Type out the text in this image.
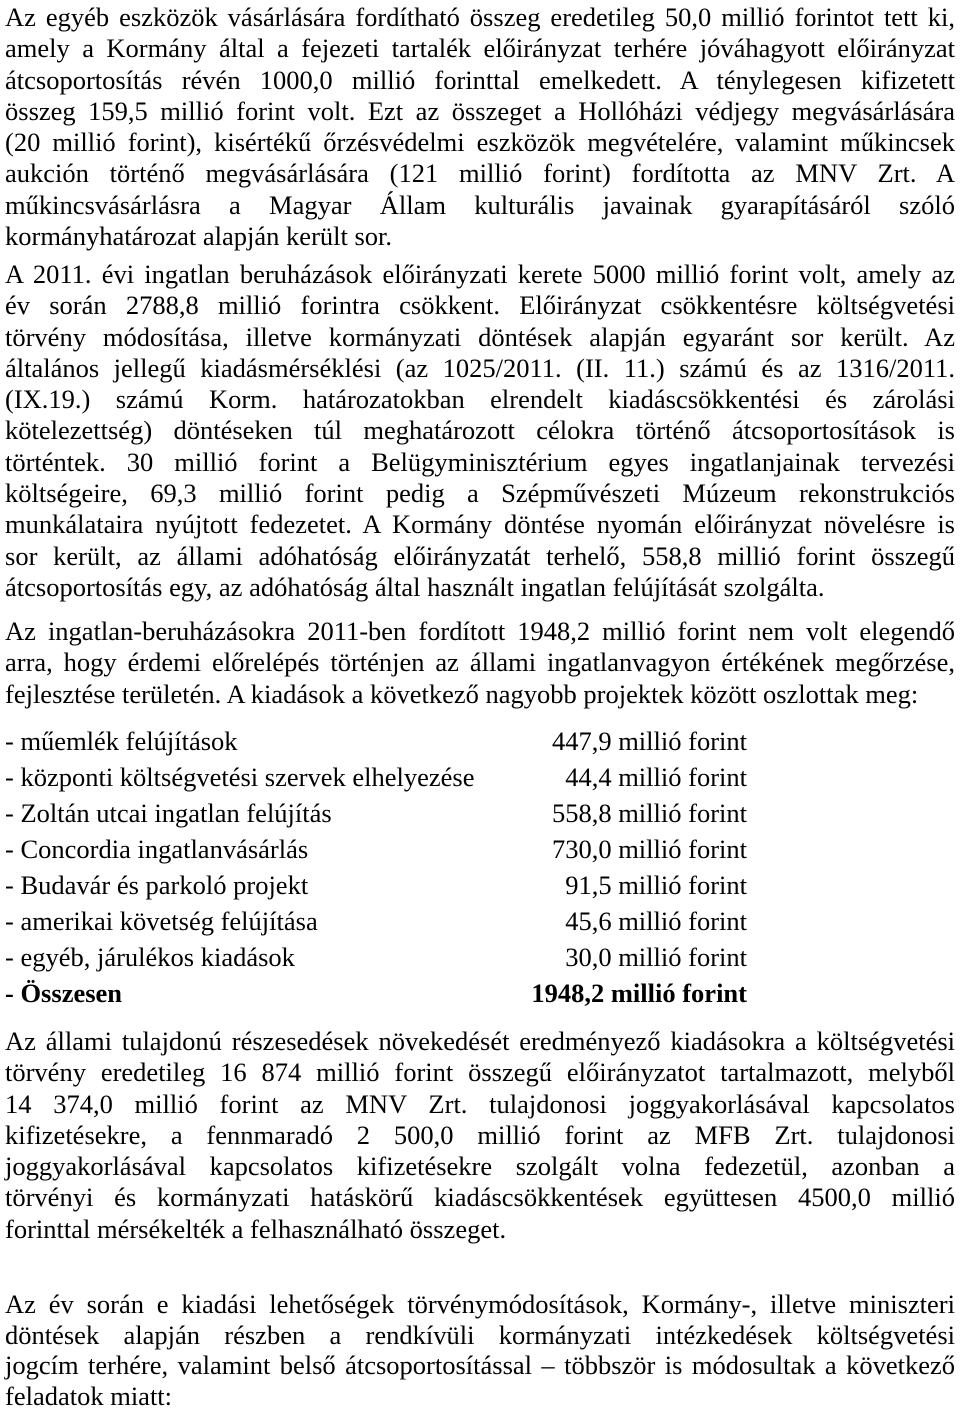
Az egyéb eszközök vásárlására fordítható összeg eredetileg 50,0 millió forintot tett ki,
amely a Kormány által a fejezeti tartalék előirányzat terhére jóváhagyott előirányzat
átcsoportosítás révén 1000,0 millió forinttal emelkedett. A ténylegesen kifizetett
összeg 159,5 millió forint volt. Ezt az összeget a Hollóházi védjegy megvásárlására
(20 millió forint), kisértékű őrzésvédelmi eszközök megvételére, valamint műkincsek
aukción történő megvásárlására (121 millió forint) fordította az MNV Zrt. A
műkincsvásárlásra a Magyar Állam kulturális javainak gyarapításáról szóló
kormányhatározat alapján került sor.
A 2011. évi ingatlan beruházások előirányzati kerete 5000 millió forint volt, amely az
év során 2788,8 millió forintra csökkent. Előirányzat csökkentésre költségvetési
törvény módosítása, illetve kormányzati döntések alapján egyaránt sor került. Az
általános jellegű kiadásmérséklési (az 1025/2011. (II. 11.) számú és az 1316/2011.
(IX.19.) számú Korm. határozatokban elrendelt kiadáscsökkentési és zárolási
kötelezettség) döntéseken túl meghatározott célokra történő átcsoportosítások is
történtek. 30 millió forint a Belügyminisztérium egyes ingatlanjainak tervezési
költségeire, 69,3 millió forint pedig a Szépművészeti Múzeum rekonstrukciós
munkálataira nyújtott fedezetet. A Kormány döntése nyomán előirányzat növelésre is
sor került, az állami adóhatóság előirányzatát terhelő, 558,8 millió forint összegű
átcsoportosítás egy, az adóhatóság által használt ingatlan felújítását szolgálta.
Az ingatlan-beruházásokra 2011-ben fordított 1948,2 millió forint nem volt elegendő
arra, hogy érdemi előrelépés történjen az állami ingatlanvagyon értékének megőrzése,
fejlesztése területén. A kiadások a következő nagyobb projektek között oszlottak meg:
- műemlék felújítások	447,9 millió forint
- központi költségvetési szervek elhelyezése	44,4 millió forint
- Zoltán utcai ingatlan felújítás	558,8 millió forint
- Concordia ingatlanvásárlás	730,0 millió forint
- Budavár és parkoló projekt	91,5 millió forint
- amerikai követség felújítása	45,6 millió forint
- egyéb, járulékos kiadások	30,0 millió forint
- Összesen	1948,2 millió forint
Az állami tulajdonú részesedések növekedését eredményező kiadásokra a költségvetési
törvény eredetileg 16 874 millió forint összegű előirányzatot tartalmazott, melyből
14 374,0 millió forint az MNV Zrt. tulajdonosi joggyakorlásával kapcsolatos
kifizetésekre, a fennmaradó 2 500,0 millió forint az MFB Zrt. tulajdonosi
joggyakorlásával kapcsolatos kifizetésekre szolgált volna fedezetül, azonban a
törvényi és kormányzati hatáskörű kiadáscsökkentések együttesen 4500,0 millió
forinttal mérsékelték a felhasználható összeget.
Az év során e kiadási lehetőségek törvénymódosítások, Kormány-, illetve miniszteri
döntések alapján részben a rendkívüli kormányzati intézkedések költségvetési
jogcím terhére, valamint belső átcsoportosítással – többször is módosultak a következő
feladatok miatt:
